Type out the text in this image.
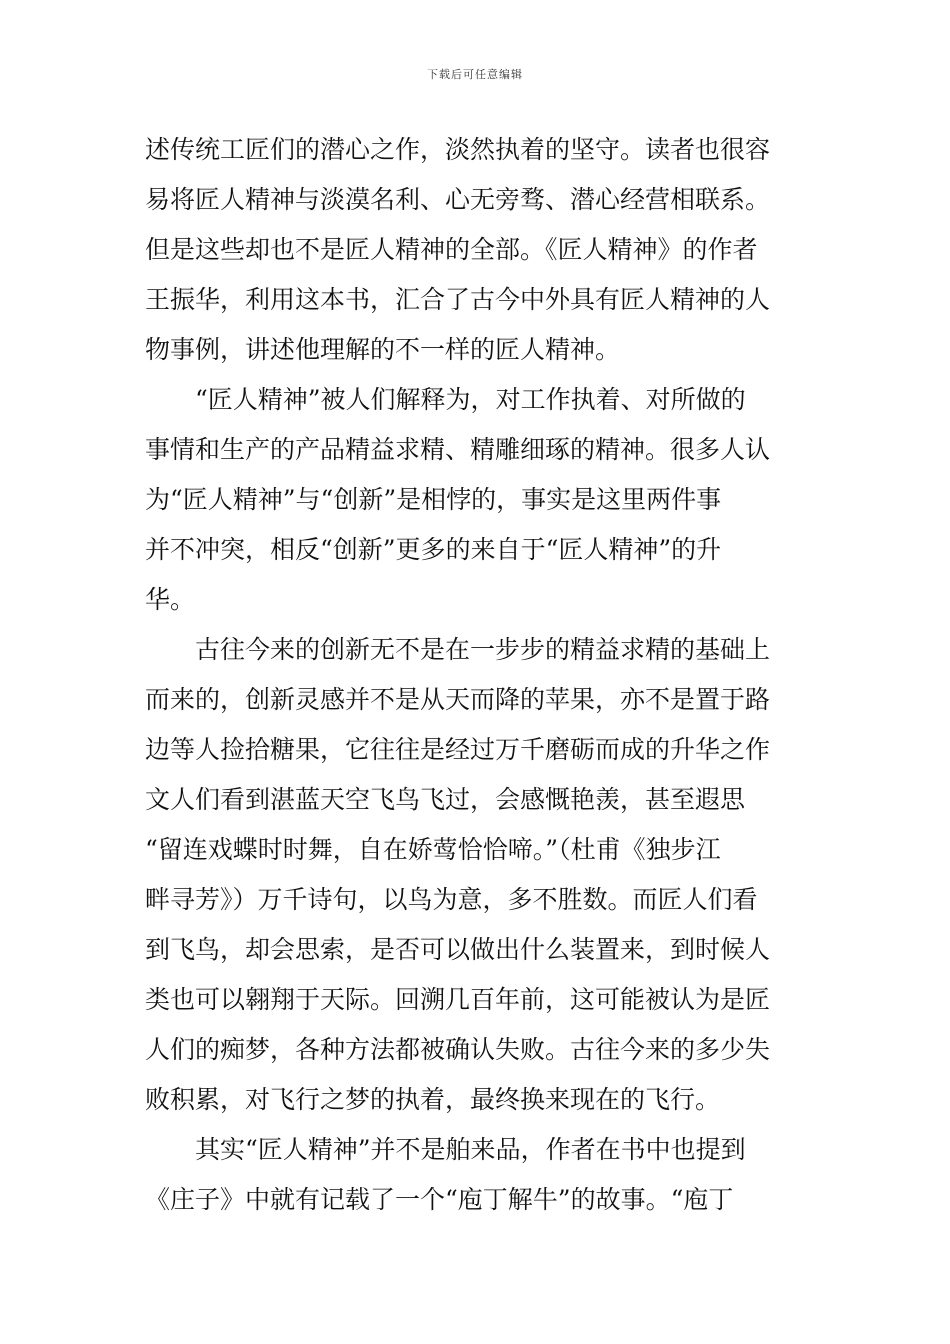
下载后可任意编辑
述传统工匠们的潜心之作，淡然执着的坚守。读者也很容
易将匠人精神与淡漠名利、心无旁骛、潜心经营相联系。
但是这些却也不是匠人精神的全部。《匠人精神》的作者
王振华，利用这本书，汇合了古今中外具有匠人精神的人
物事例，讲述他理解的不一样的匠人精神。
“匠人精神”被人们解释为，对工作执着、对所做的
事情和生产的产品精益求精、精雕细琢的精神。很多人认
为“匠人精神”与“创新”是相悖的，事实是这里两件事
并不冲突，相反“创新”更多的来自于“匠人精神”的升
华。
古往今来的创新无不是在一步步的精益求精的基础上
而来的，创新灵感并不是从天而降的苹果，亦不是置于路
边等人捡拾糖果，它往往是经过万千磨砺而成的升华之作
文人们看到湛蓝天空飞鸟飞过，会感慨艳羡，甚至遐思
“留连戏蝶时时舞，自在娇莺恰恰啼。”（杜甫《独步江
畔寻芳》）万千诗句，以鸟为意，多不胜数。而匠人们看
到飞鸟，却会思索，是否可以做出什么装置来，到时候人
类也可以翱翔于天际。回溯几百年前，这可能被认为是匠
人们的痴梦，各种方法都被确认失败。古往今来的多少失
败积累，对飞行之梦的执着，最终换来现在的飞行。
其实“匠人精神”并不是舶来品，作者在书中也提到
《庄子》中就有记载了一个“庖丁解牛”的故事。“庖丁
